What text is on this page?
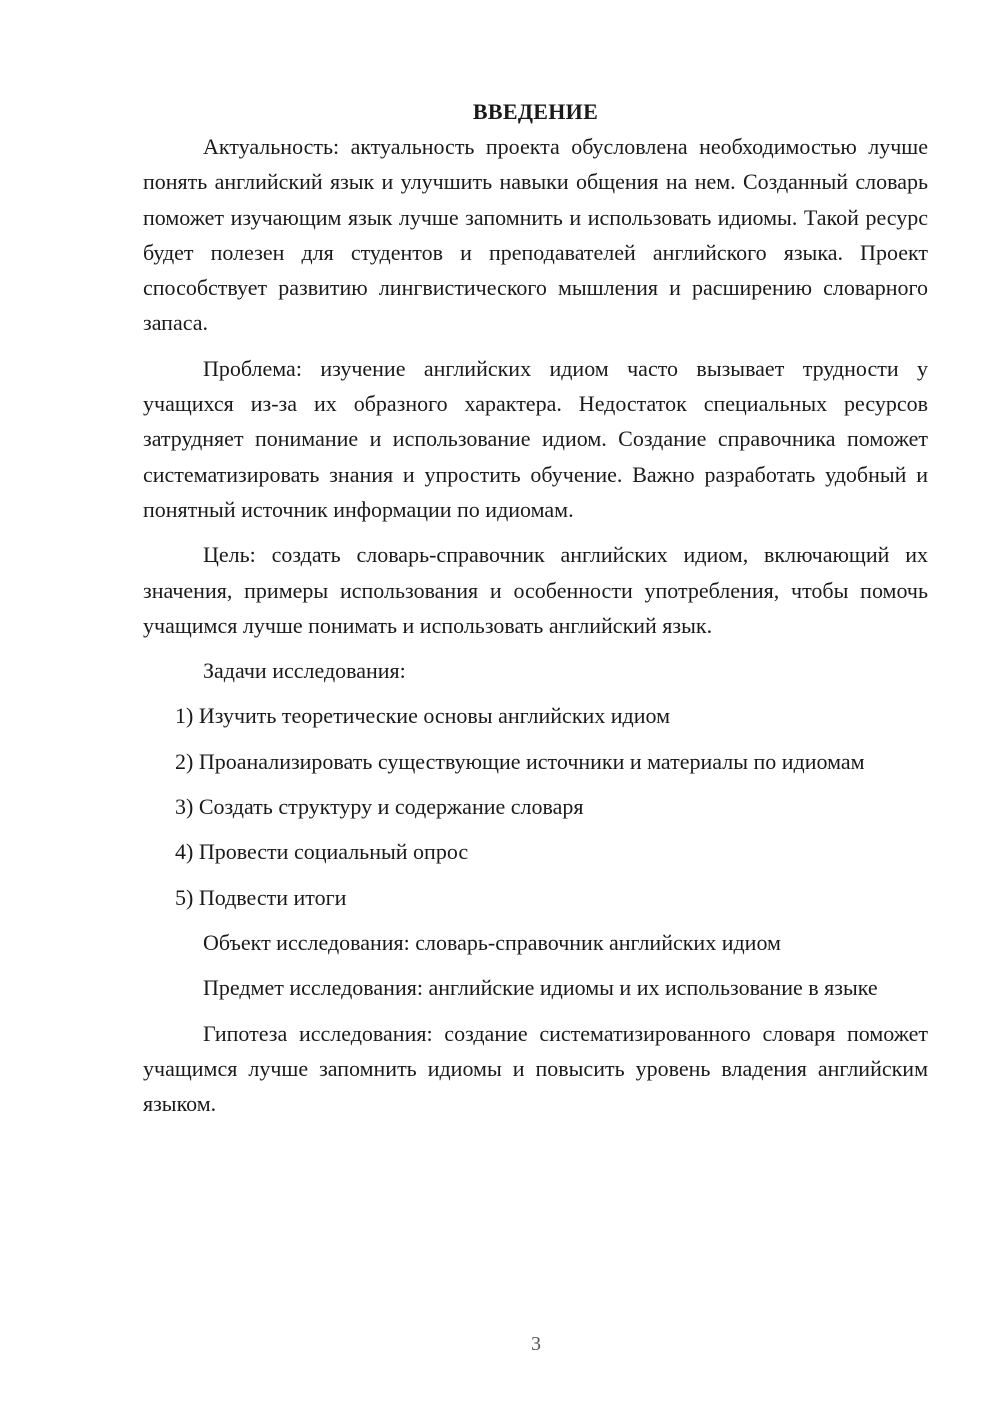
ВВЕДЕНИЕ

Актуальность: актуальность проекта обусловлена необходимостью лучше понять английский язык и улучшить навыки общения на нем. Созданный словарь поможет изучающим язык лучше запомнить и использовать идиомы. Такой ресурс будет полезен для студентов и преподавателей английского языка. Проект способствует развитию лингвистического мышления и расширению словарного запаса.

Проблема: изучение английских идиом часто вызывает трудности у учащихся из-за их образного характера. Недостаток специальных ресурсов затрудняет понимание и использование идиом. Создание справочника поможет систематизировать знания и упростить обучение. Важно разработать удобный и понятный источник информации по идиомам.

Цель: создать словарь-справочник английских идиом, включающий их значения, примеры использования и особенности употребления, чтобы помочь учащимся лучше понимать и использовать английский язык.

Задачи исследования:

1) Изучить теоретические основы английских идиом

2) Проанализировать существующие источники и материалы по идиомам

3) Создать структуру и содержание словаря

4) Провести социальный опрос

5) Подвести итоги

Объект исследования: словарь-справочник английских идиом

Предмет исследования: английские идиомы и их использование в языке

Гипотеза исследования: создание систематизированного словаря поможет учащимся лучше запомнить идиомы и повысить уровень владения английским языком.

3
